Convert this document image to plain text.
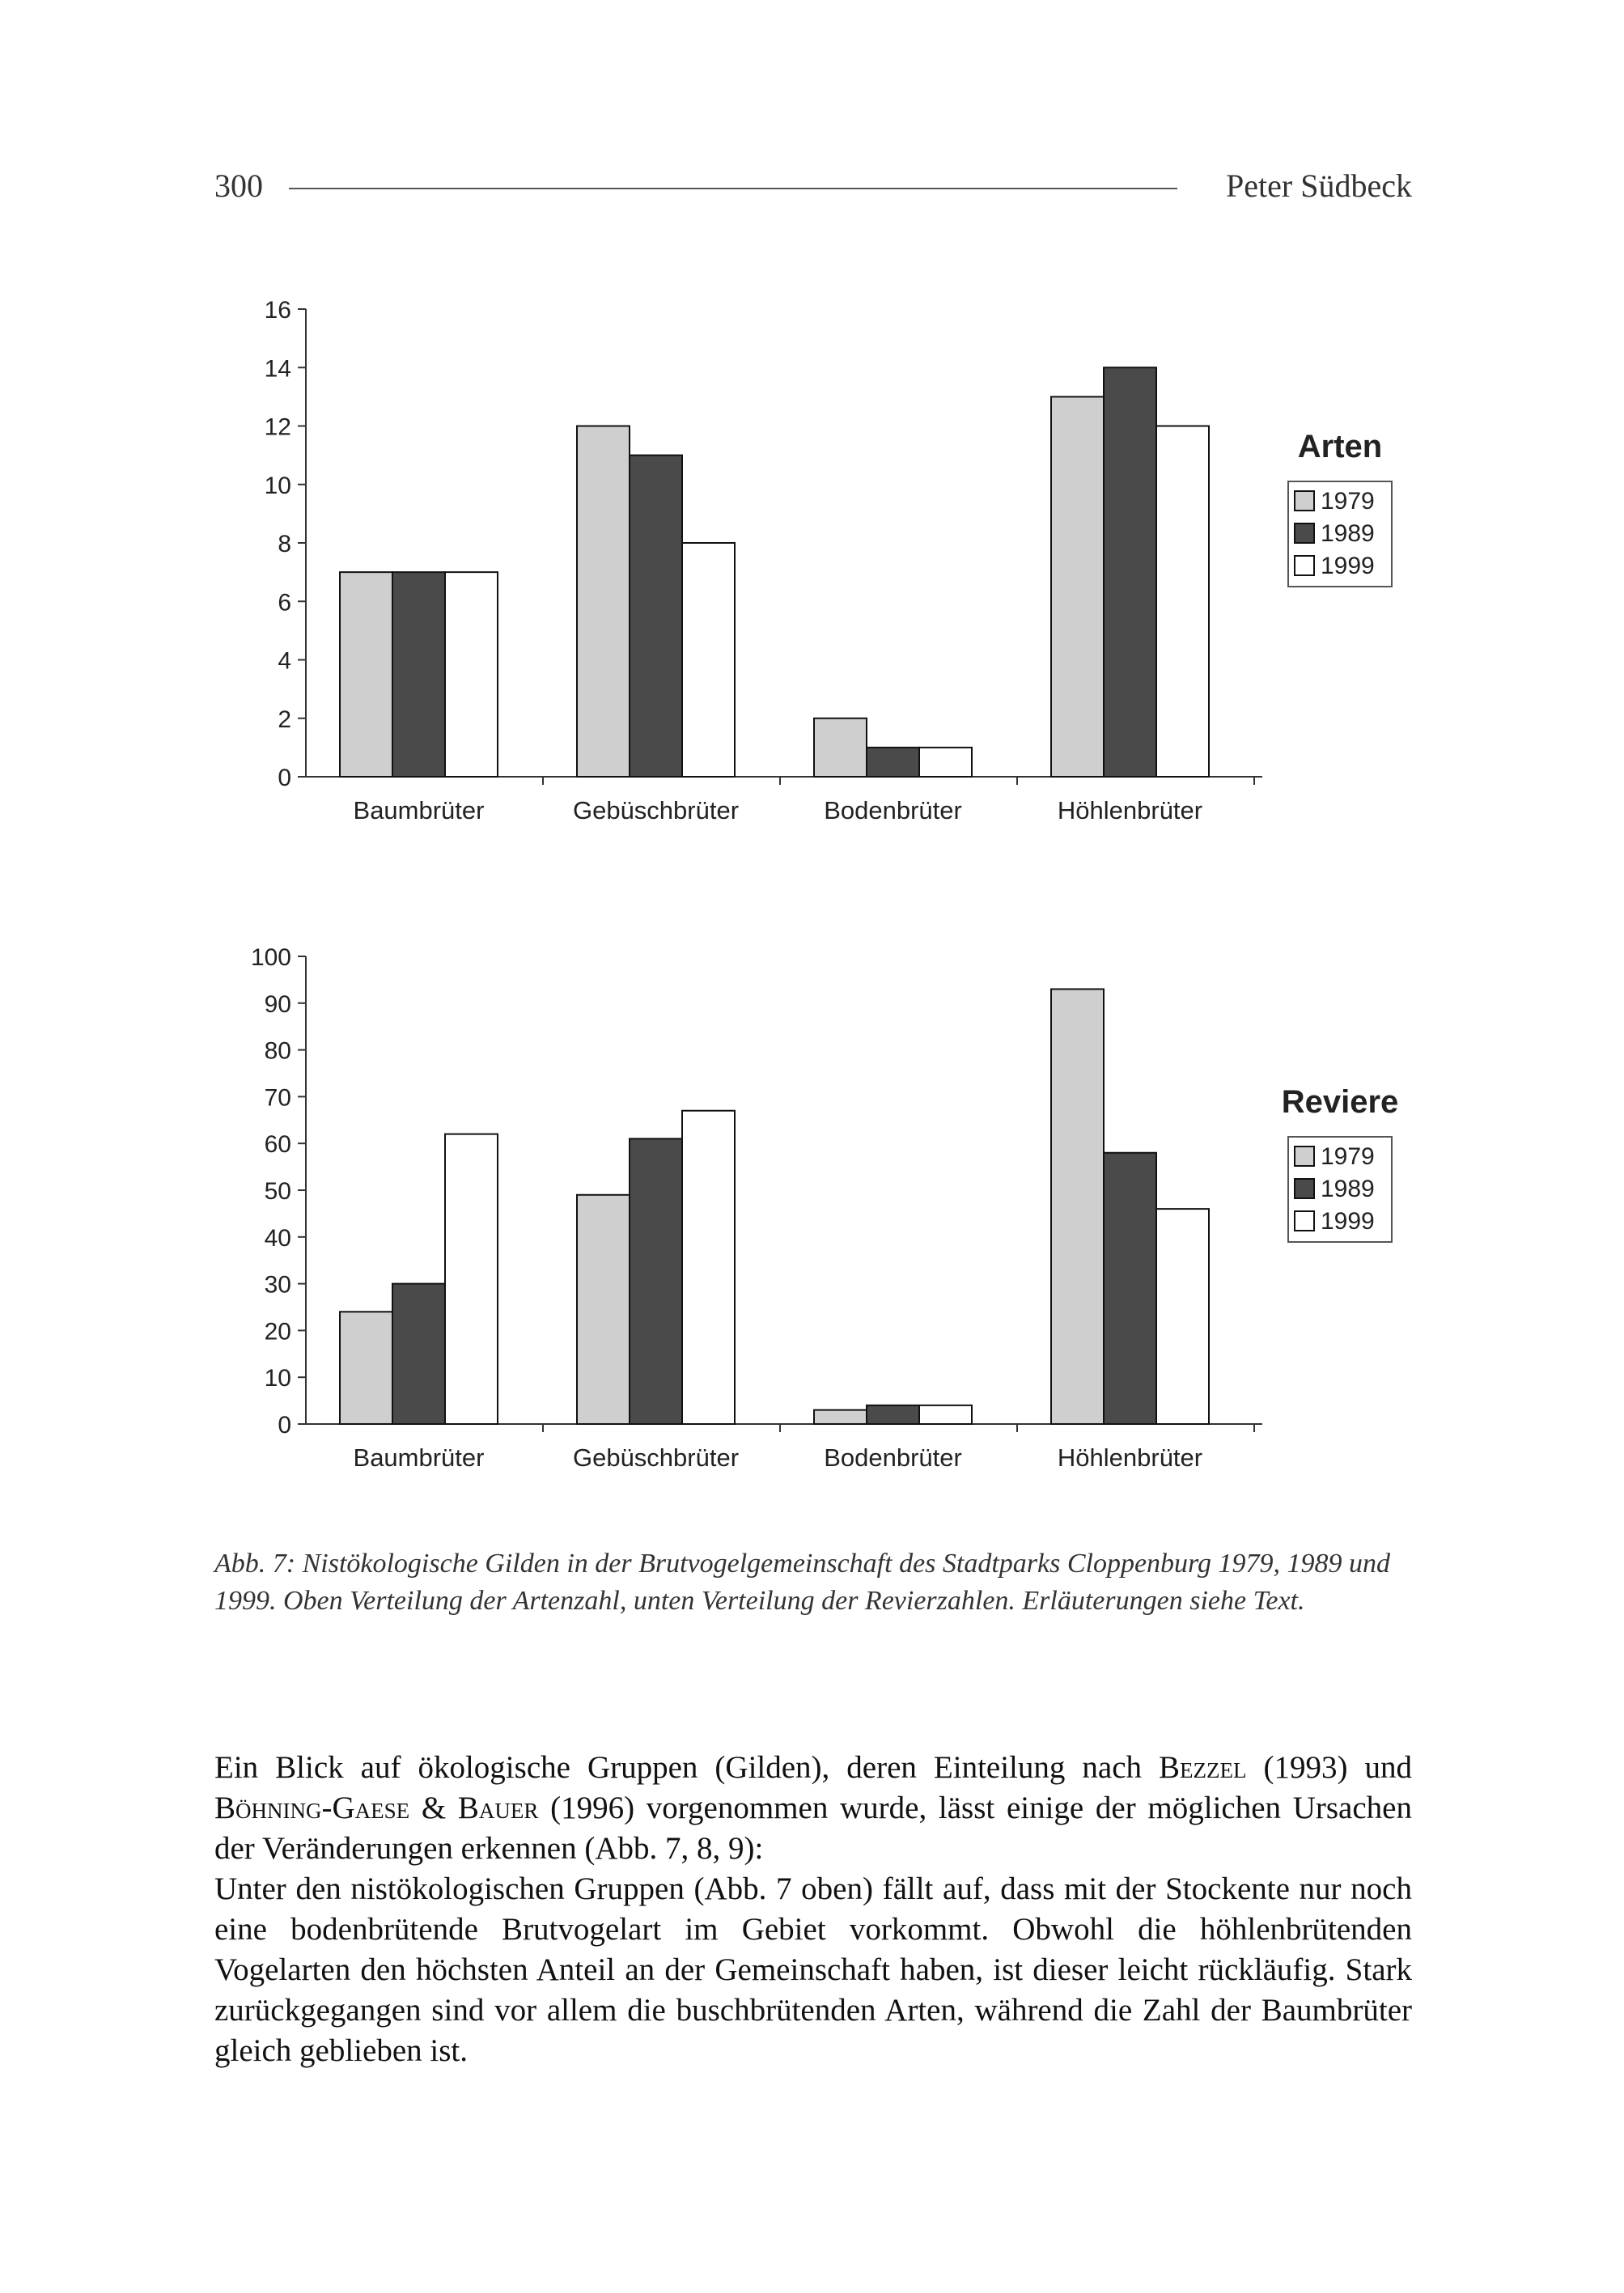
300	Peter Südbeck
0
2
4
6
8
10
12
14
16
Baumbrüter	Gebüschbrüter	Bodenbrüter	Höhlenbrüter
Arten
1979
1989
1999
0
10
20
30
40
50
60
70
80
90
100
Baumbrüter	Gebüschbrüter	Bodenbrüter	Höhlenbrüter
Reviere
1979
1989
1999
Abb. 7: Nistökologische Gilden in der Brutvogelgemeinschaft des Stadtparks Cloppenburg 1979, 1989 und 1999. Oben Verteilung der Artenzahl, unten Verteilung der Revierzahlen. Erläuterungen siehe Text.

Ein Blick auf ökologische Gruppen (Gilden), deren Einteilung nach Bezzel (1993) und Böhning-Gaese & Bauer (1996) vorgenommen wurde, lässt einige der möglichen Ursachen der Veränderungen erkennen (Abb. 7, 8, 9):

Unter den nistökologischen Gruppen (Abb. 7 oben) fällt auf, dass mit der Stockente nur noch eine bodenbrütende Brutvogelart im Gebiet vorkommt. Obwohl die höhlenbrütenden Vogelarten den höchsten Anteil an der Gemeinschaft haben, ist dieser leicht rückläufig. Stark zurückgegangen sind vor allem die buschbrütenden Arten, während die Zahl der Baumbrüter gleich geblieben ist.
